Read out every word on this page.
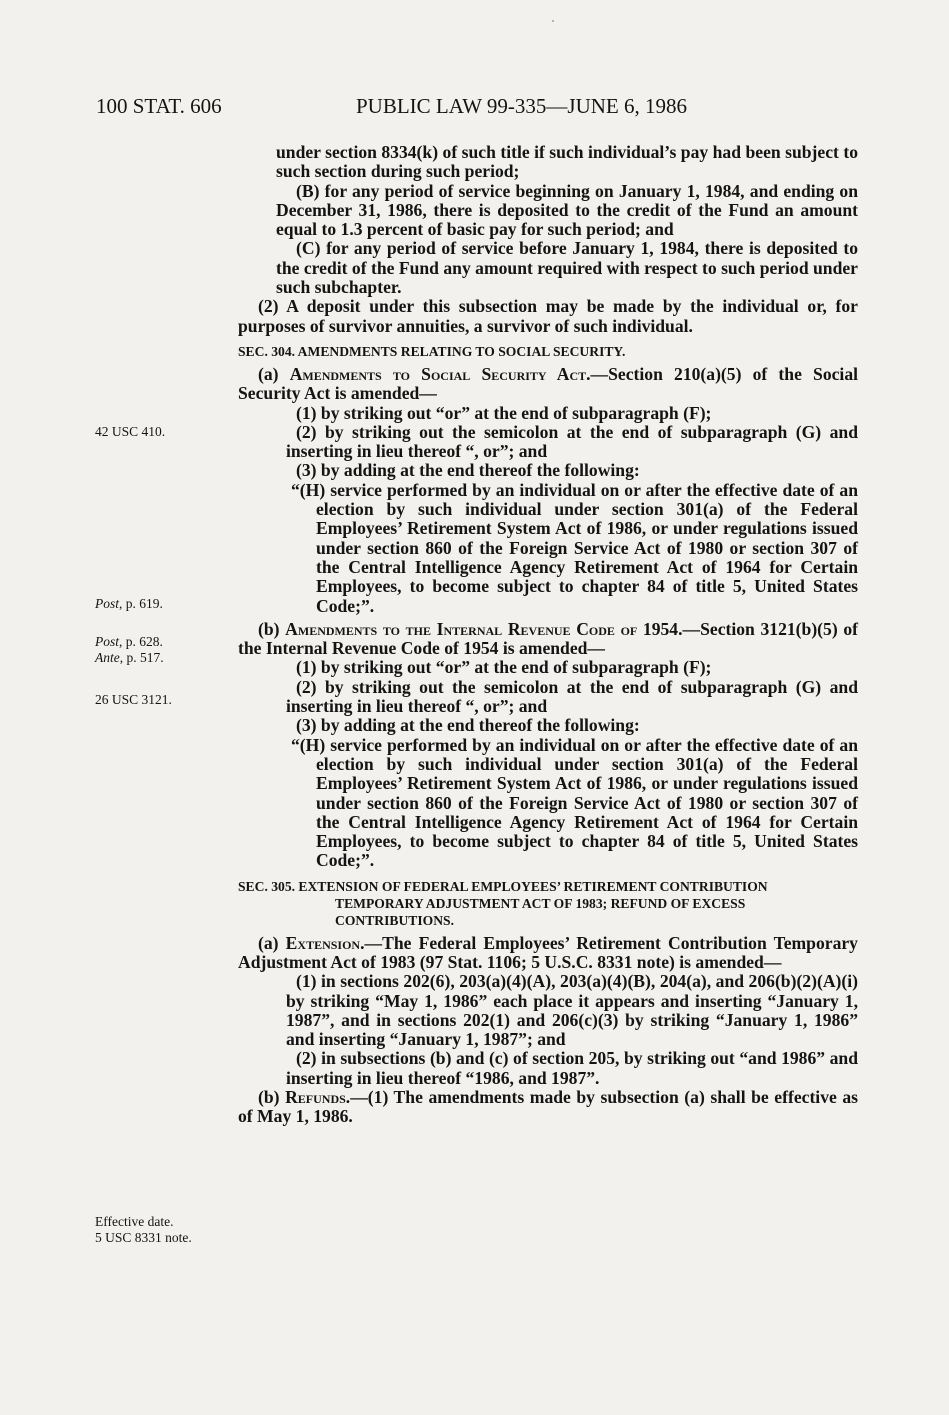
100 STAT. 606	PUBLIC LAW 99-335—JUNE 6, 1986
42 USC 410.
Post, p. 619.
Post, p. 628.
Ante, p. 517.
26 USC 3121.
Effective date.
5 USC 8331 note.

under section 8334(k) of such title if such individual’s pay had been subject to such section during such period;

(B) for any period of service beginning on January 1, 1984, and ending on December 31, 1986, there is deposited to the credit of the Fund an amount equal to 1.3 percent of basic pay for such period; and

(C) for any period of service before January 1, 1984, there is deposited to the credit of the Fund any amount required with respect to such period under such subchapter.

(2) A deposit under this subsection may be made by the individual or, for purposes of survivor annuities, a survivor of such individual.

SEC. 304. AMENDMENTS RELATING TO SOCIAL SECURITY.

(a) Amendments to Social Security Act.—Section 210(a)(5) of the Social Security Act is amended—

(1) by striking out “or” at the end of subparagraph (F);

(2) by striking out the semicolon at the end of subparagraph (G) and inserting in lieu thereof “, or”; and

(3) by adding at the end thereof the following:

“(H) service performed by an individual on or after the effective date of an election by such individual under section 301(a) of the Federal Employees’ Retirement System Act of 1986, or under regulations issued under section 860 of the Foreign Service Act of 1980 or section 307 of the Central Intelligence Agency Retirement Act of 1964 for Certain Employees, to become subject to chapter 84 of title 5, United States Code;”.

(b) Amendments to the Internal Revenue Code of 1954.—Section 3121(b)(5) of the Internal Revenue Code of 1954 is amended—

(1) by striking out “or” at the end of subparagraph (F);

(2) by striking out the semicolon at the end of subparagraph (G) and inserting in lieu thereof “, or”; and

(3) by adding at the end thereof the following:

“(H) service performed by an individual on or after the effective date of an election by such individual under section 301(a) of the Federal Employees’ Retirement System Act of 1986, or under regulations issued under section 860 of the Foreign Service Act of 1980 or section 307 of the Central Intelligence Agency Retirement Act of 1964 for Certain Employees, to become subject to chapter 84 of title 5, United States Code;”.

SEC. 305. EXTENSION OF FEDERAL EMPLOYEES’ RETIREMENT CONTRIBUTION TEMPORARY ADJUSTMENT ACT OF 1983; REFUND OF EXCESS CONTRIBUTIONS.

(a) Extension.—The Federal Employees’ Retirement Contribution Temporary Adjustment Act of 1983 (97 Stat. 1106; 5 U.S.C. 8331 note) is amended—

(1) in sections 202(6), 203(a)(4)(A), 203(a)(4)(B), 204(a), and 206(b)(2)(A)(i) by striking “May 1, 1986” each place it appears and inserting “January 1, 1987”, and in sections 202(1) and 206(c)(3) by striking “January 1, 1986” and inserting “January 1, 1987”; and

(2) in subsections (b) and (c) of section 205, by striking out “and 1986” and inserting in lieu thereof “1986, and 1987”.

(b) Refunds.—(1) The amendments made by subsection (a) shall be effective as of May 1, 1986.
